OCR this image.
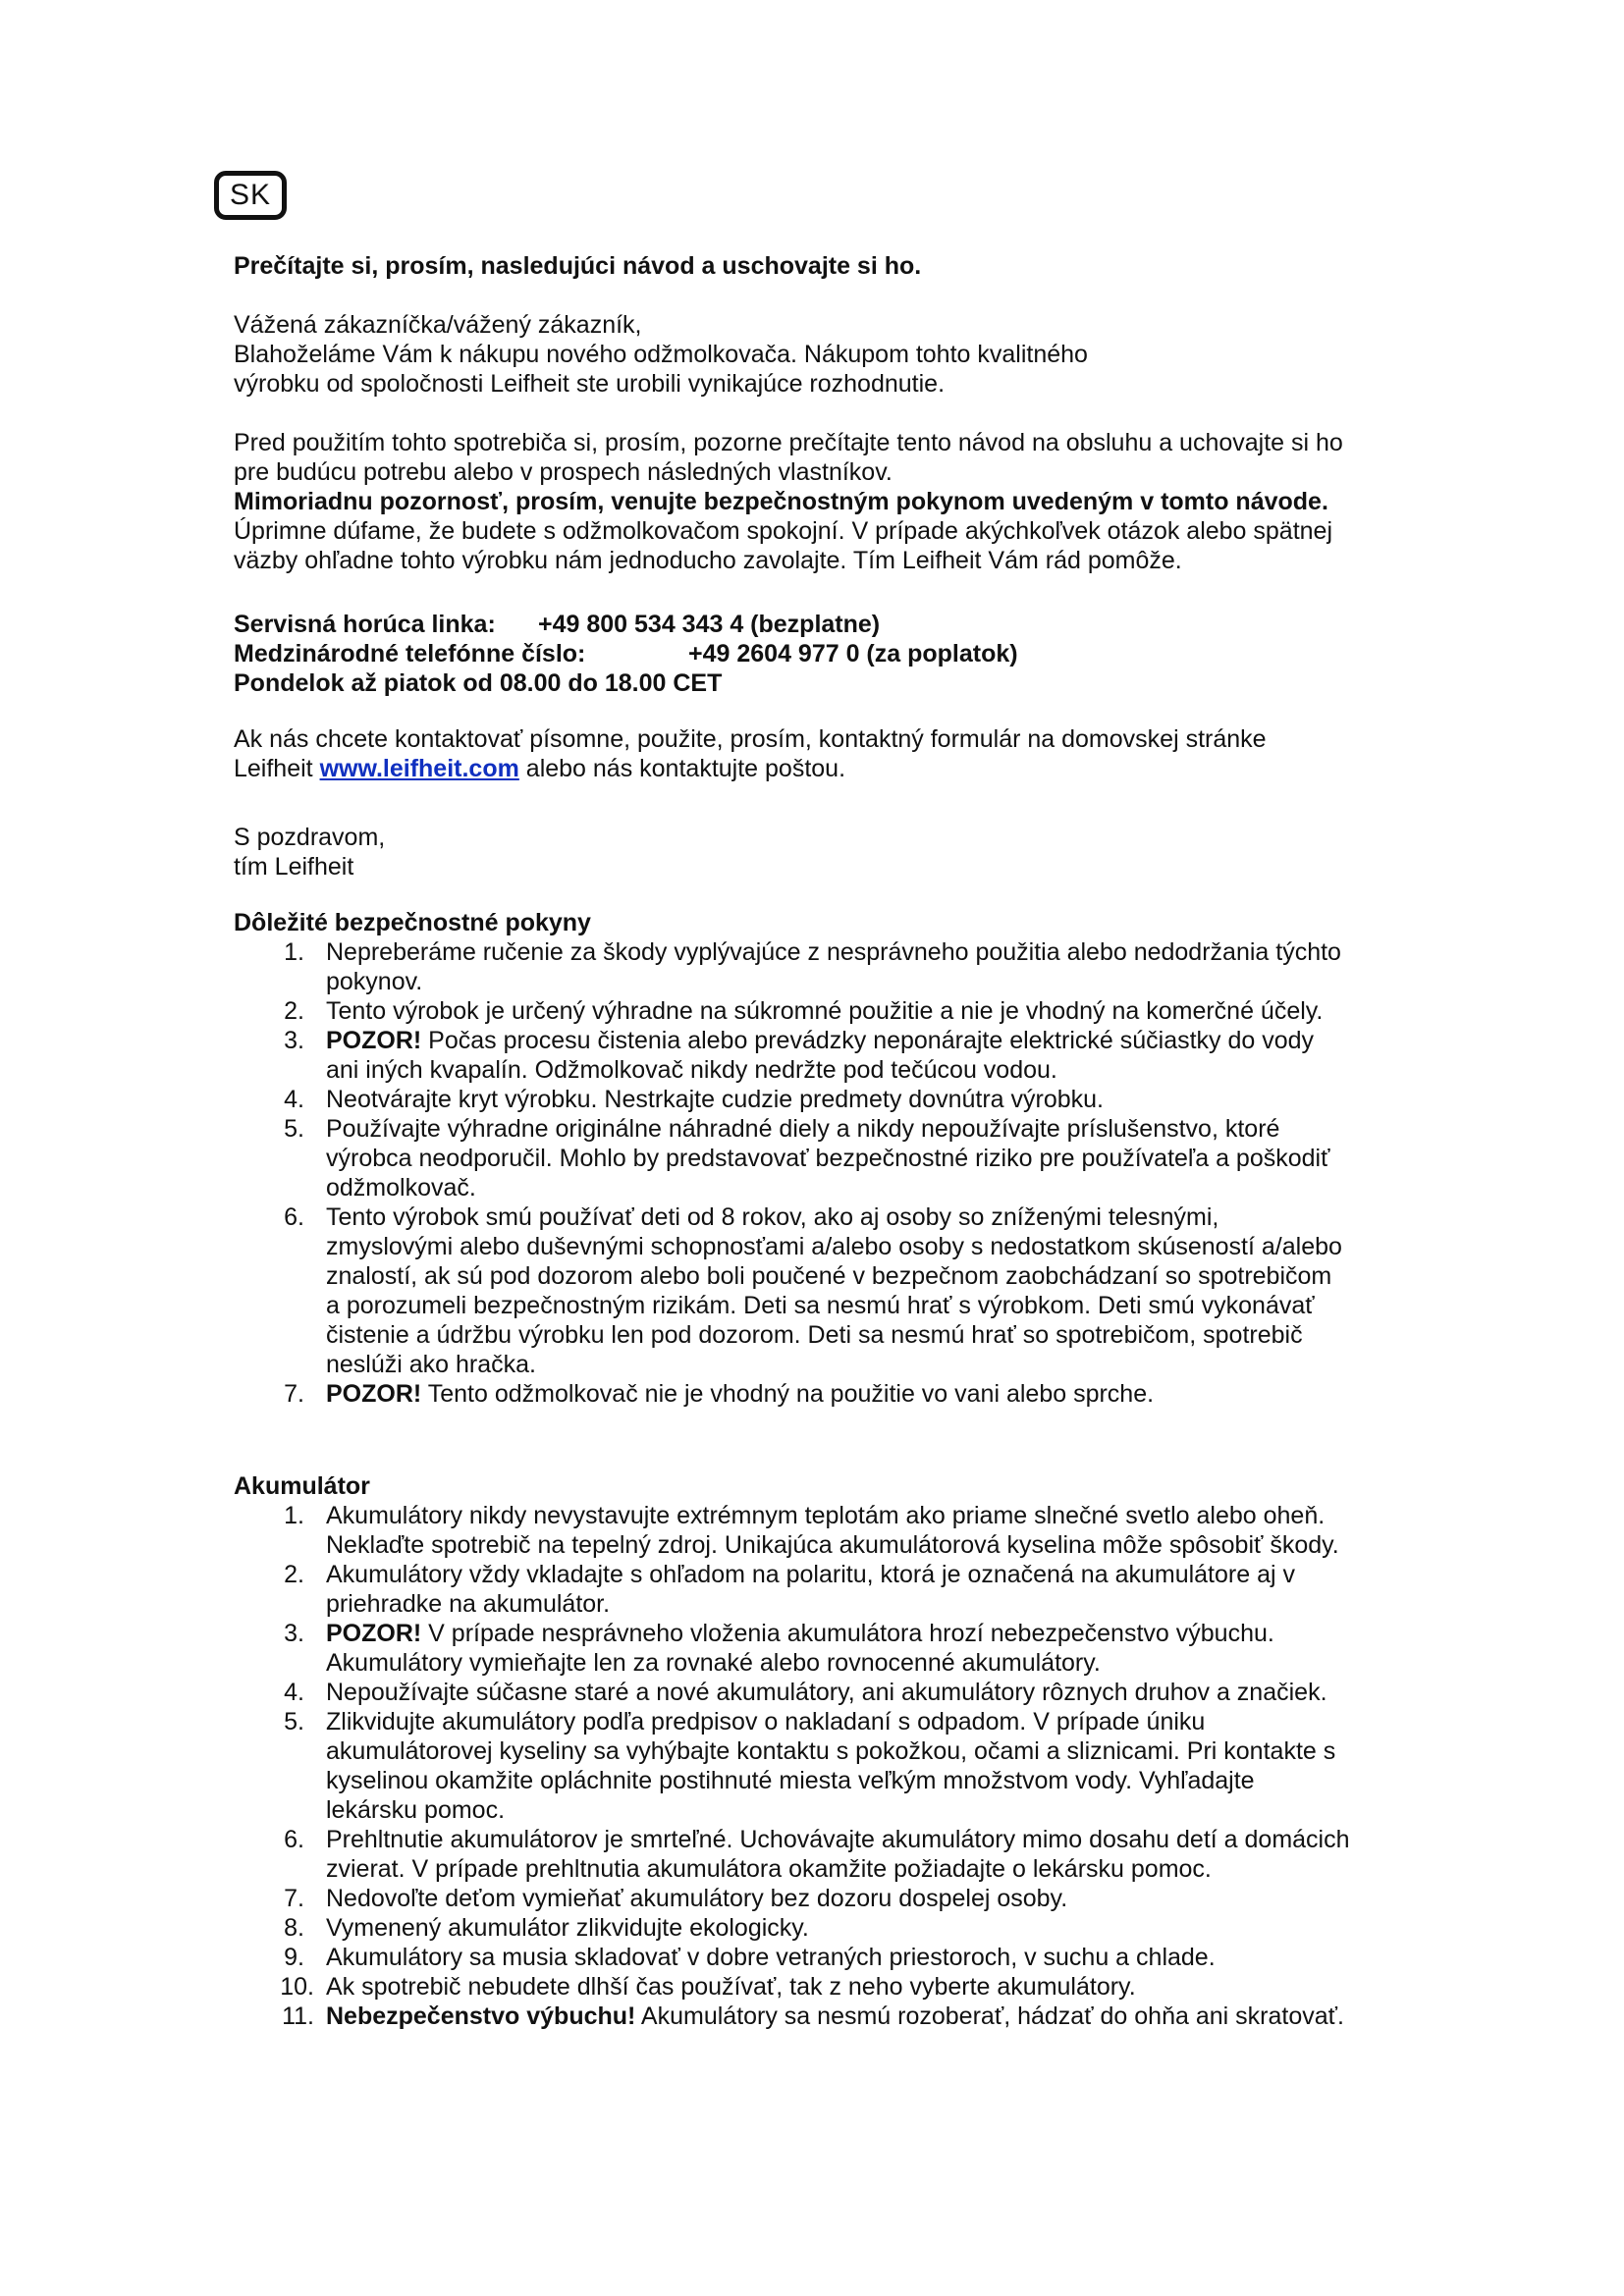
SK

Prečítajte si, prosím, nasledujúci návod a uschovajte si ho.

Vážená zákazníčka/vážený zákazník,

Blahoželáme Vám k nákupu nového odžmolkovača. Nákupom tohto kvalitného

výrobku od spoločnosti Leifheit ste urobili vynikajúce rozhodnutie.

Pred použitím tohto spotrebiča si, prosím, pozorne prečítajte tento návod na obsluhu a uchovajte si ho

pre budúcu potrebu alebo v prospech následných vlastníkov.

Mimoriadnu pozornosť, prosím, venujte bezpečnostným pokynom uvedeným v tomto návode.

Úprimne dúfame, že budete s odžmolkovačom spokojní. V prípade akýchkoľvek otázok alebo spätnej

väzby ohľadne tohto výrobku nám jednoducho zavolajte. Tím Leifheit Vám rád pomôže.

Servisná horúca linka: +49 800 534 343 4 (bezplatne)

Medzinárodné telefónne číslo:	+49 2604 977 0 (za poplatok)

Pondelok až piatok od 08.00 do 18.00 CET

Ak nás chcete kontaktovať písomne, použite, prosím, kontaktný formulár na domovskej stránke

Leifheit www.leifheit.com alebo nás kontaktujte poštou.

S pozdravom,

tím Leifheit

Dôležité bezpečnostné pokyny

1. Nepreberáme ručenie za škody vyplývajúce z nesprávneho použitia alebo nedodržania týchto
pokynov.
2. Tento výrobok je určený výhradne na súkromné použitie a nie je vhodný na komerčné účely.
3. POZOR! Počas procesu čistenia alebo prevádzky neponárajte elektrické súčiastky do vody
ani iných kvapalín. Odžmolkovač nikdy nedržte pod tečúcou vodou.
4. Neotvárajte kryt výrobku. Nestrkajte cudzie predmety dovnútra výrobku.
5. Používajte výhradne originálne náhradné diely a nikdy nepoužívajte príslušenstvo, ktoré
výrobca neodporučil. Mohlo by predstavovať bezpečnostné riziko pre používateľa a poškodiť
odžmolkovač.
6. Tento výrobok smú používať deti od 8 rokov, ako aj osoby so zníženými telesnými,
zmyslovými alebo duševnými schopnosťami a/alebo osoby s nedostatkom skúseností a/alebo
znalostí, ak sú pod dozorom alebo boli poučené v bezpečnom zaobchádzaní so spotrebičom
a porozumeli bezpečnostným rizikám. Deti sa nesmú hrať s výrobkom. Deti smú vykonávať
čistenie a údržbu výrobku len pod dozorom. Deti sa nesmú hrať so spotrebičom, spotrebič
neslúži ako hračka.
7. POZOR! Tento odžmolkovač nie je vhodný na použitie vo vani alebo sprche.

Akumulátor

1. Akumulátory nikdy nevystavujte extrémnym teplotám ako priame slnečné svetlo alebo oheň.
Neklaďte spotrebič na tepelný zdroj. Unikajúca akumulátorová kyselina môže spôsobiť škody.
2. Akumulátory vždy vkladajte s ohľadom na polaritu, ktorá je označená na akumulátore aj v
priehradke na akumulátor.
3. POZOR! V prípade nesprávneho vloženia akumulátora hrozí nebezpečenstvo výbuchu.
Akumulátory vymieňajte len za rovnaké alebo rovnocenné akumulátory.
4. Nepoužívajte súčasne staré a nové akumulátory, ani akumulátory rôznych druhov a značiek.
5. Zlikvidujte akumulátory podľa predpisov o nakladaní s odpadom. V prípade úniku
akumulátorovej kyseliny sa vyhýbajte kontaktu s pokožkou, očami a sliznicami. Pri kontakte s
kyselinou okamžite opláchnite postihnuté miesta veľkým množstvom vody. Vyhľadajte
lekársku pomoc.
6. Prehltnutie akumulátorov je smrteľné. Uchovávajte akumulátory mimo dosahu detí a domácich
zvierat. V prípade prehltnutia akumulátora okamžite požiadajte o lekársku pomoc.
7. Nedovoľte deťom vymieňať akumulátory bez dozoru dospelej osoby.
8. Vymenený akumulátor zlikvidujte ekologicky.
9. Akumulátory sa musia skladovať v dobre vetraných priestoroch, v suchu a chlade.
10. Ak spotrebič nebudete dlhší čas používať, tak z neho vyberte akumulátory.
11. Nebezpečenstvo výbuchu! Akumulátory sa nesmú rozoberať, hádzať do ohňa ani skratovať.
